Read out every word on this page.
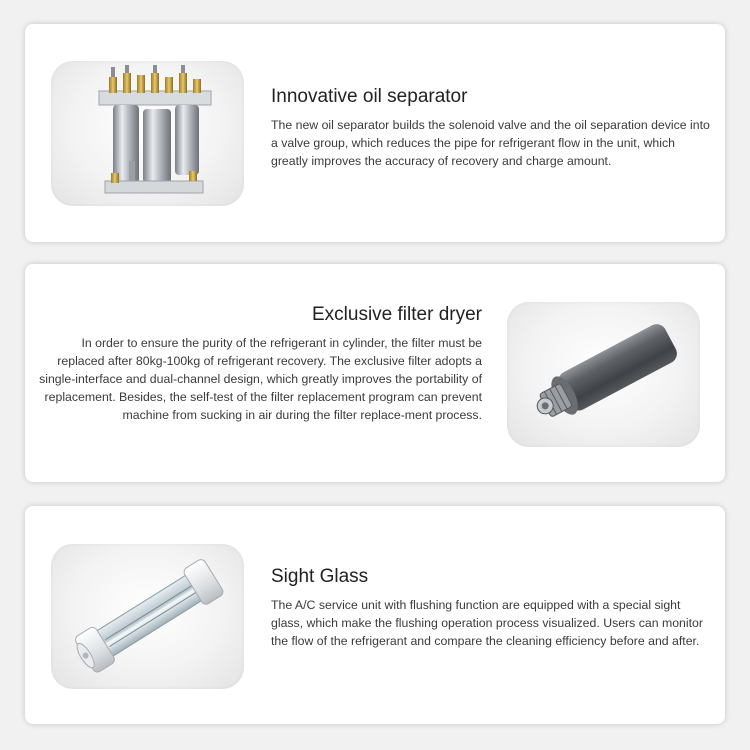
Innovative oil separator

The new oil separator builds the solenoid valve and the oil separation device into a valve group, which reduces the pipe for refrigerant flow in the unit, which greatly improves the accuracy of recovery and charge amount.

Exclusive filter dryer

In order to ensure the purity of the refrigerant in cylinder, the filter must be replaced after 80kg-100kg of refrigerant recovery. The exclusive filter adopts a single-interface and dual-channel design, which greatly improves the portability of replacement. Besides, the self-test of the filter replacement program can prevent machine from sucking in air during the filter replace-ment process.

Sight Glass

The A/C service unit with flushing function are equipped with a special sight glass, which make the flushing operation process visualized. Users can monitor the flow of the refrigerant and compare the cleaning efficiency before and after.
